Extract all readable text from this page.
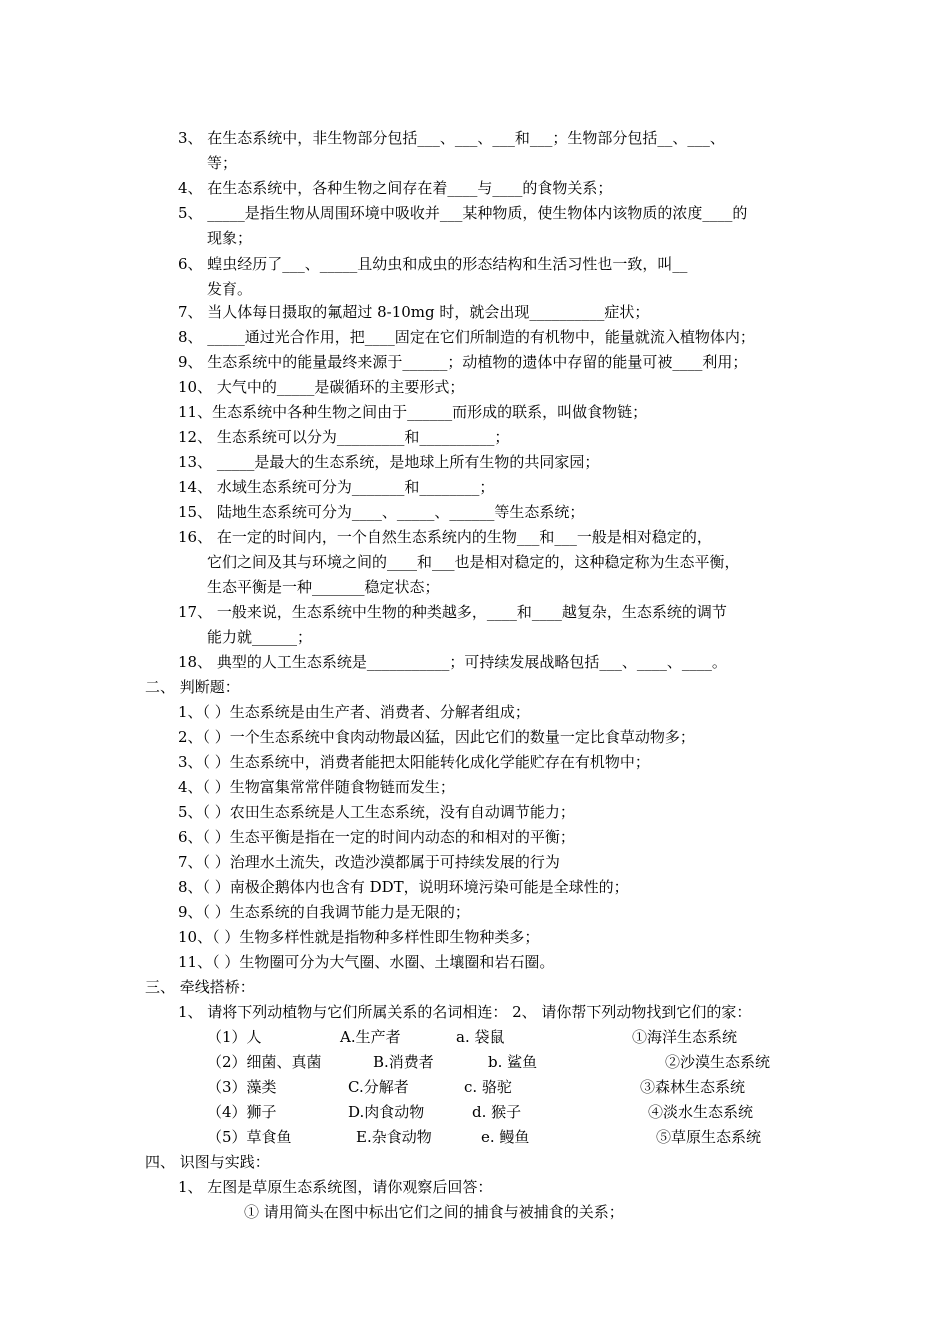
3、 在生态系统中，非生物部分包括___、___、___和___；生物部分包括__、___、
等；
4、 在生态系统中，各种生物之间存在着____与____的食物关系；
5、 _____是指生物从周围环境中吸收并___某种物质，使生物体内该物质的浓度____的
现象；
6、 蝗虫经历了___、_____且幼虫和成虫的形态结构和生活习性也一致，叫__
发育。
7、 当人体每日摄取的氟超过 8-10mg 时，就会出现__________症状；
8、 _____通过光合作用，把____固定在它们所制造的有机物中，能量就流入植物体内；
9、 生态系统中的能量最终来源于______；动植物的遗体中存留的能量可被____利用；
10、 大气中的_____是碳循环的主要形式；
11、生态系统中各种生物之间由于______而形成的联系，叫做食物链；
12、 生态系统可以分为_________和__________；
13、 _____是最大的生态系统，是地球上所有生物的共同家园；
14、 水域生态系统可分为_______和________；
15、 陆地生态系统可分为____、_____、______等生态系统；
16、 在一定的时间内，一个自然生态系统内的生物___和___一般是相对稳定的，
它们之间及其与环境之间的____和___也是相对稳定的，这种稳定称为生态平衡，
生态平衡是一种_______稳定状态；
17、 一般来说，生态系统中生物的种类越多，____和____越复杂，生态系统的调节
能力就______；
18、 典型的人工生态系统是___________；可持续发展战略包括___、____、____。
二、 判断题：
1、（ ）生态系统是由生产者、消费者、分解者组成；
2、（ ）一个生态系统中食肉动物最凶猛，因此它们的数量一定比食草动物多；
3、（ ）生态系统中，消费者能把太阳能转化成化学能贮存在有机物中；
4、（ ）生物富集常常伴随食物链而发生；
5、（ ）农田生态系统是人工生态系统，没有自动调节能力；
6、（ ）生态平衡是指在一定的时间内动态的和相对的平衡；
7、（ ）治理水土流失，改造沙漠都属于可持续发展的行为
8、（ ）南极企鹅体内也含有 DDT，说明环境污染可能是全球性的；
9、（ ）生态系统的自我调节能力是无限的；
10、（ ）生物多样性就是指物种多样性即生物种类多；
11、（ ）生物圈可分为大气圈、水圈、土壤圈和岩石圈。
三、 牵线搭桥：
1、 请将下列动植物与它们所属关系的名词相连： 2、 请你帮下列动物找到它们的家：
（1）人
（2）细菌、真菌
（3）藻类
（4）狮子
（5）草食鱼
A.生产者
B.消费者
C.分解者
D.肉食动物
E.杂食动物
a. 袋鼠
b. 鲨鱼
c. 骆驼
d. 猴子
e. 鳗鱼
①海洋生态系统
②沙漠生态系统
③森林生态系统
④淡水生态系统
⑤草原生态系统
四、 识图与实践：
1、 左图是草原生态系统图，请你观察后回答：
① 请用简头在图中标出它们之间的捕食与被捕食的关系；
